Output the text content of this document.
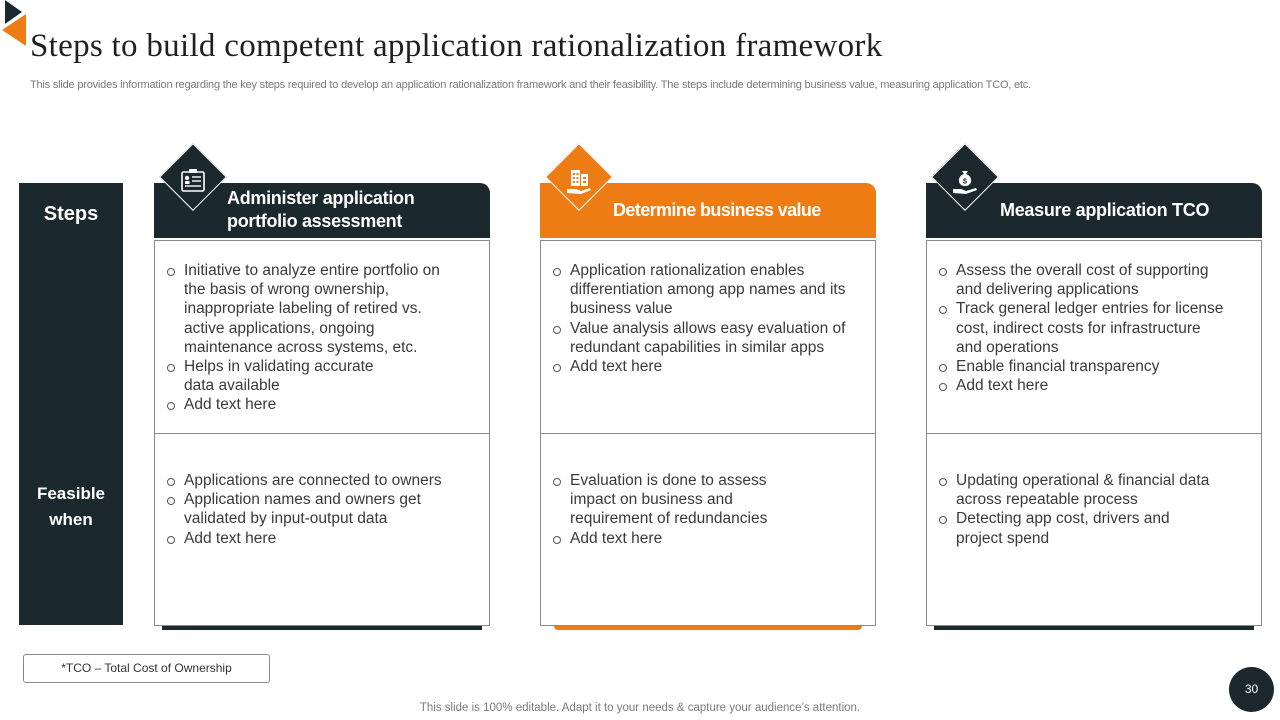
Steps to build competent application rationalization framework
This slide provides information regarding the key steps required to develop an application rationalization framework and their feasibility. The steps include determining business value, measuring application TCO, etc.
Steps
Feasible
when
Administer application
portfolio assessment
Initiative to analyze entire portfolio on
the basis of wrong ownership,
inappropriate labeling of retired vs.
active applications, ongoing
maintenance across systems, etc.
Helps in validating accurate
data available
Add text here
Applications are connected to owners
Application names and owners get
validated by input-output data
Add text here
Determine business value
Application rationalization enables
differentiation among app names and its
business value
Value analysis allows easy evaluation of
redundant capabilities in similar apps
Add text here
Evaluation is done to assess
impact on business and
requirement of redundancies
Add text here
Measure application TCO
$
Assess the overall cost of supporting
and delivering applications
Track general ledger entries for license
cost, indirect costs for infrastructure
and operations
Enable financial transparency
Add text here
Updating operational & financial data
across repeatable process
Detecting app cost, drivers and
project spend
*TCO – Total Cost of Ownership
This slide is 100% editable. Adapt it to your needs & capture your audience’s attention.
30
